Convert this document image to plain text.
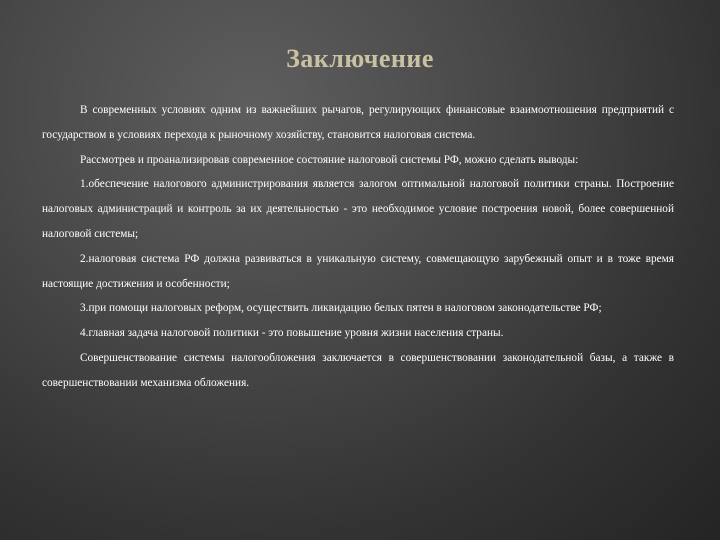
Заключение

В современных условиях одним из важнейших рычагов, регулирующих финансовые взаимоотношения предприятий с государством в условиях перехода к рыночному хозяйству, становится налоговая система.

Рассмотрев и проанализировав современное состояние налоговой системы РФ, можно сделать выводы:

1.обеспечение налогового администрирования является залогом оптимальной налоговой политики страны. Построение налоговых администраций и контроль за их деятельностью - это необходимое условие построения новой, более совершенной налоговой системы;

2.налоговая система РФ должна развиваться в уникальную систему, совмещающую зарубежный опыт и в тоже время настоящие достижения и особенности;

3.при помощи налоговых реформ, осуществить ликвидацию белых пятен в налоговом законодательстве РФ;

4.главная задача налоговой политики - это повышение уровня жизни населения страны.

Совершенствование системы налогообложения заключается в совершенствовании законодательной базы, а также в совершенствовании механизма обложения.
